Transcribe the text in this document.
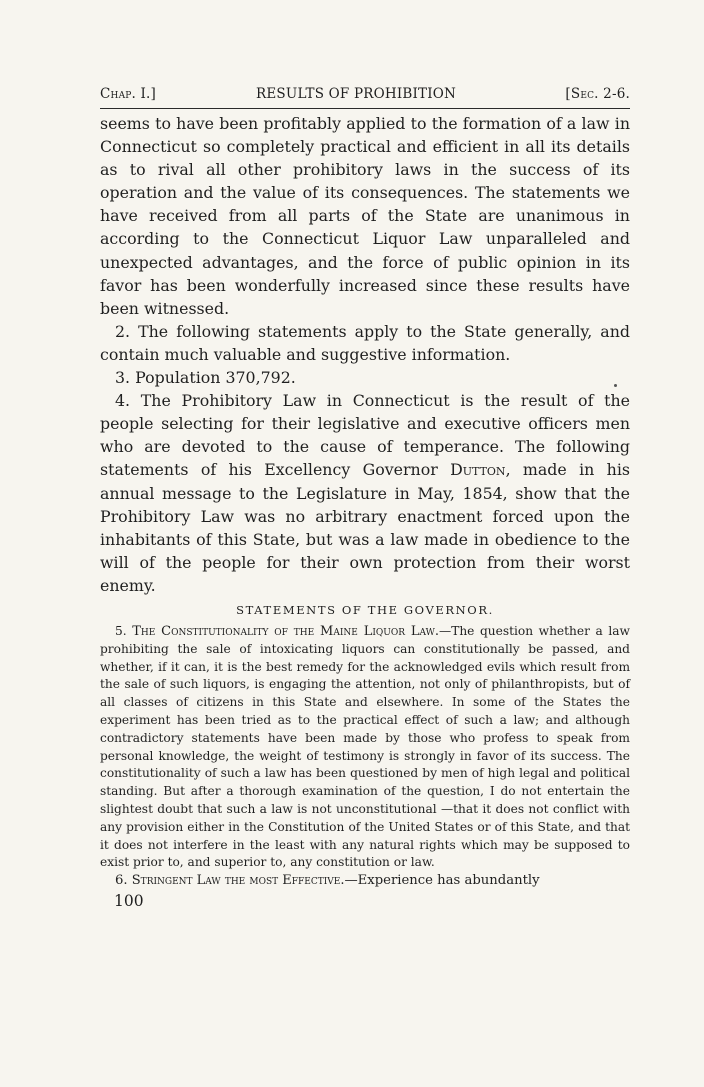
Chap. I.]	RESULTS OF PROHIBITION	[Sec. 2-6.

seems to have been profitably applied to the formation of a law in Connecticut so completely practical and efficient in all its details as to rival all other prohibitory laws in the success of its operation and the value of its consequences. The statements we have received from all parts of the State are unanimous in according to the Connecticut Liquor Law unparalleled and unexpected advantages, and the force of public opinion in its favor has been wonderfully increased since these results have been witnessed.

2. The following statements apply to the State generally, and contain much valuable and suggestive information.

3. Population 370,792.

4. The Prohibitory Law in Connecticut is the result of the people selecting for their legislative and executive officers men who are devoted to the cause of temperance. The following statements of his Excellency Governor Dutton, made in his annual message to the Legislature in May, 1854, show that the Prohibitory Law was no arbitrary enactment forced upon the inhabitants of this State, but was a law made in obedience to the will of the people for their own protection from their worst enemy.

STATEMENTS OF THE GOVERNOR.

5. The Constitutionality of the Maine Liquor Law.—The question whether a law prohibiting the sale of intoxicating liquors can constitutionally be passed, and whether, if it can, it is the best remedy for the acknowledged evils which result from the sale of such liquors, is engaging the attention, not only of philanthropists, but of all classes of citizens in this State and elsewhere. In some of the States the experiment has been tried as to the practical effect of such a law; and although contradictory statements have been made by those who profess to speak from personal knowledge, the weight of testimony is strongly in favor of its success. The constitutionality of such a law has been questioned by men of high legal and political standing. But after a thorough examination of the question, I do not entertain the slightest doubt that such a law is not unconstitutional —that it does not conflict with any provision either in the Constitution of the United States or of this State, and that it does not interfere in the least with any natural rights which may be supposed to exist prior to, and superior to, any constitution or law.

6. Stringent Law the most Effective.—Experience has abundantly

100
